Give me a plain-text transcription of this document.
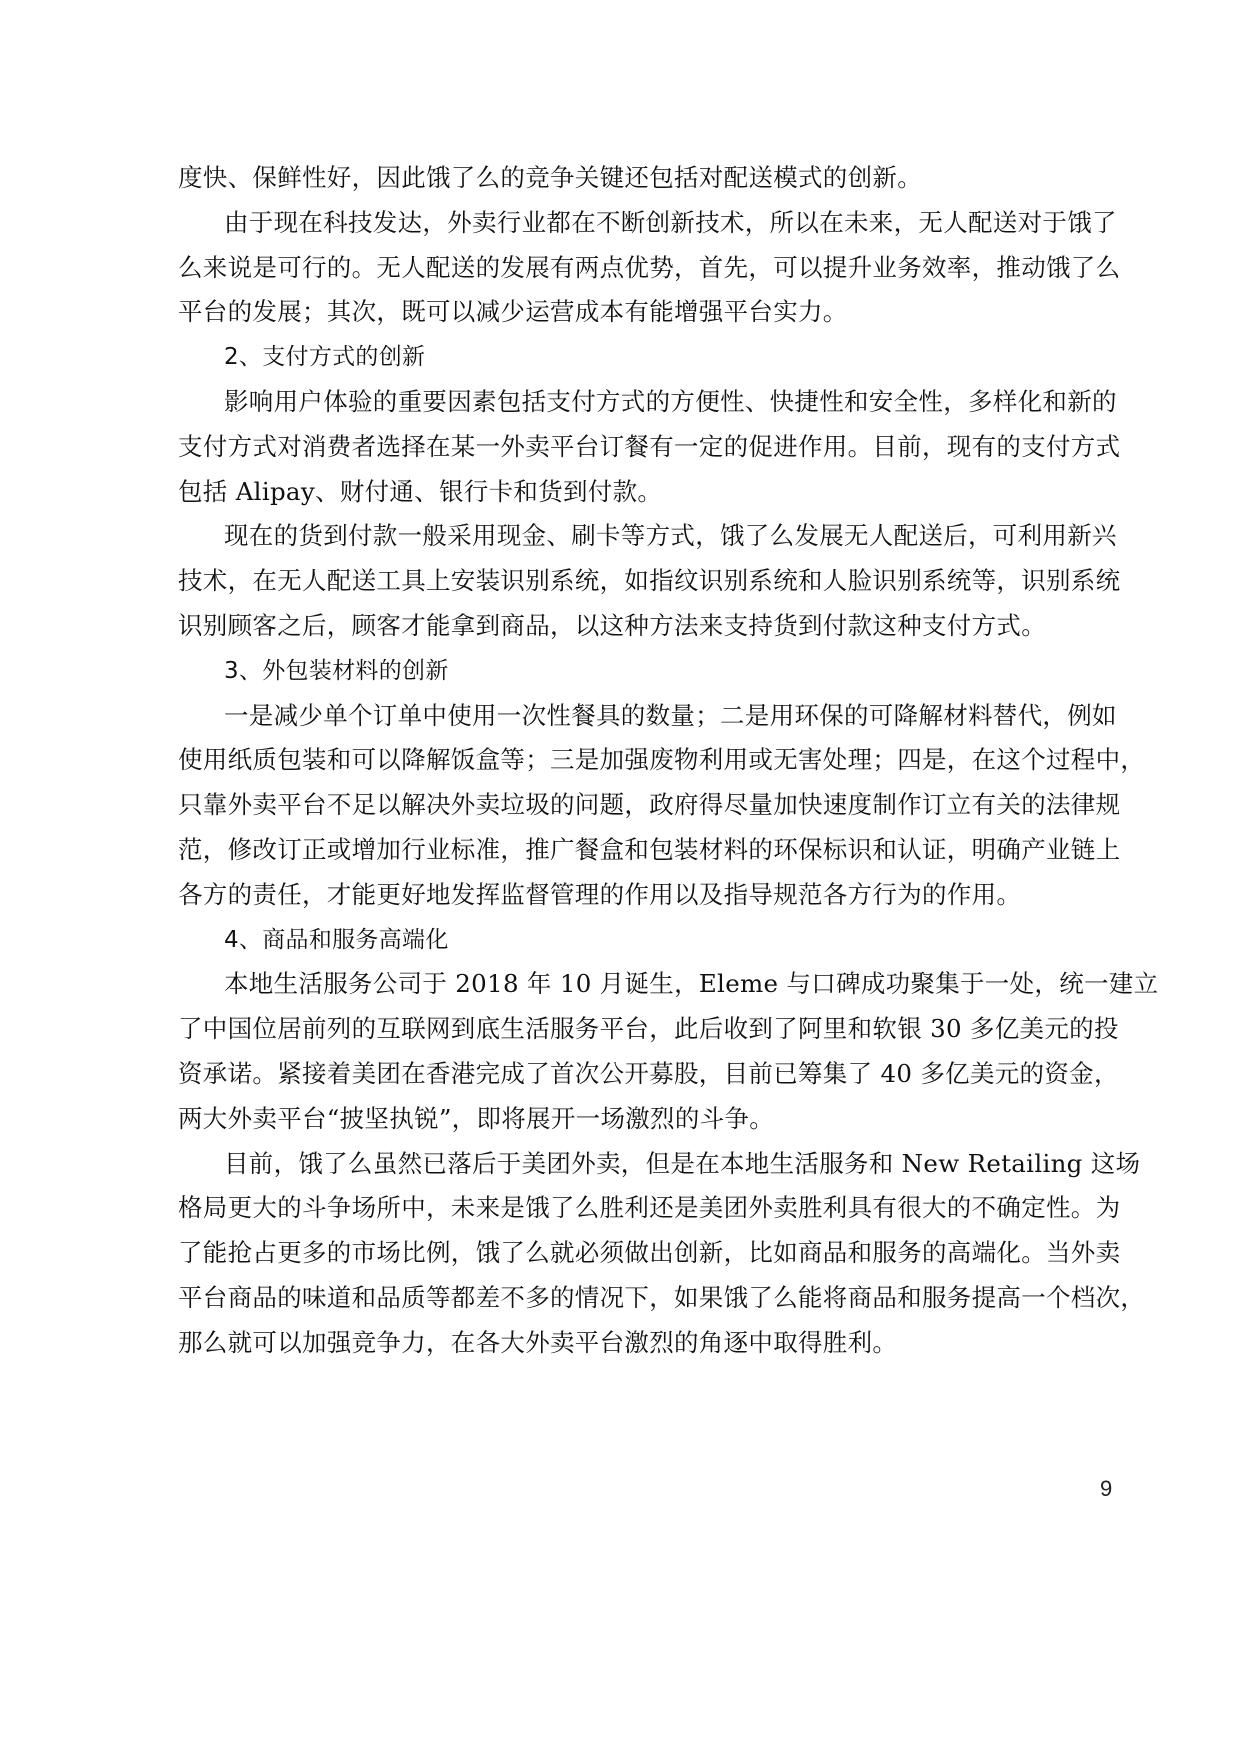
度快、保鲜性好，因此饿了么的竞争关键还包括对配送模式的创新。
由于现在科技发达，外卖行业都在不断创新技术，所以在未来，无人配送对于饿了
么来说是可行的。无人配送的发展有两点优势，首先，可以提升业务效率，推动饿了么
平台的发展；其次，既可以减少运营成本有能增强平台实力。
2、支付方式的创新
影响用户体验的重要因素包括支付方式的方便性、快捷性和安全性，多样化和新的
支付方式对消费者选择在某一外卖平台订餐有一定的促进作用。目前，现有的支付方式
包括 Alipay、财付通、银行卡和货到付款。
现在的货到付款一般采用现金、刷卡等方式，饿了么发展无人配送后，可利用新兴
技术，在无人配送工具上安装识别系统，如指纹识别系统和人脸识别系统等，识别系统
识别顾客之后，顾客才能拿到商品，以这种方法来支持货到付款这种支付方式。
3、外包装材料的创新
一是减少单个订单中使用一次性餐具的数量；二是用环保的可降解材料替代，例如
使用纸质包装和可以降解饭盒等；三是加强废物利用或无害处理；四是，在这个过程中，
只靠外卖平台不足以解决外卖垃圾的问题，政府得尽量加快速度制作订立有关的法律规
范，修改订正或增加行业标准，推广餐盒和包装材料的环保标识和认证，明确产业链上
各方的责任，才能更好地发挥监督管理的作用以及指导规范各方行为的作用。
4、商品和服务高端化
本地生活服务公司于 2018 年 10 月诞生，Eleme 与口碑成功聚集于一处，统一建立
了中国位居前列的互联网到底生活服务平台，此后收到了阿里和软银 30 多亿美元的投
资承诺。紧接着美团在香港完成了首次公开募股，目前已筹集了 40 多亿美元的资金，
两大外卖平台“披坚执锐”，即将展开一场激烈的斗争。
目前，饿了么虽然已落后于美团外卖，但是在本地生活服务和 New Retailing 这场
格局更大的斗争场所中，未来是饿了么胜利还是美团外卖胜利具有很大的不确定性。为
了能抢占更多的市场比例，饿了么就必须做出创新，比如商品和服务的高端化。当外卖
平台商品的味道和品质等都差不多的情况下，如果饿了么能将商品和服务提高一个档次，
那么就可以加强竞争力，在各大外卖平台激烈的角逐中取得胜利。
9
